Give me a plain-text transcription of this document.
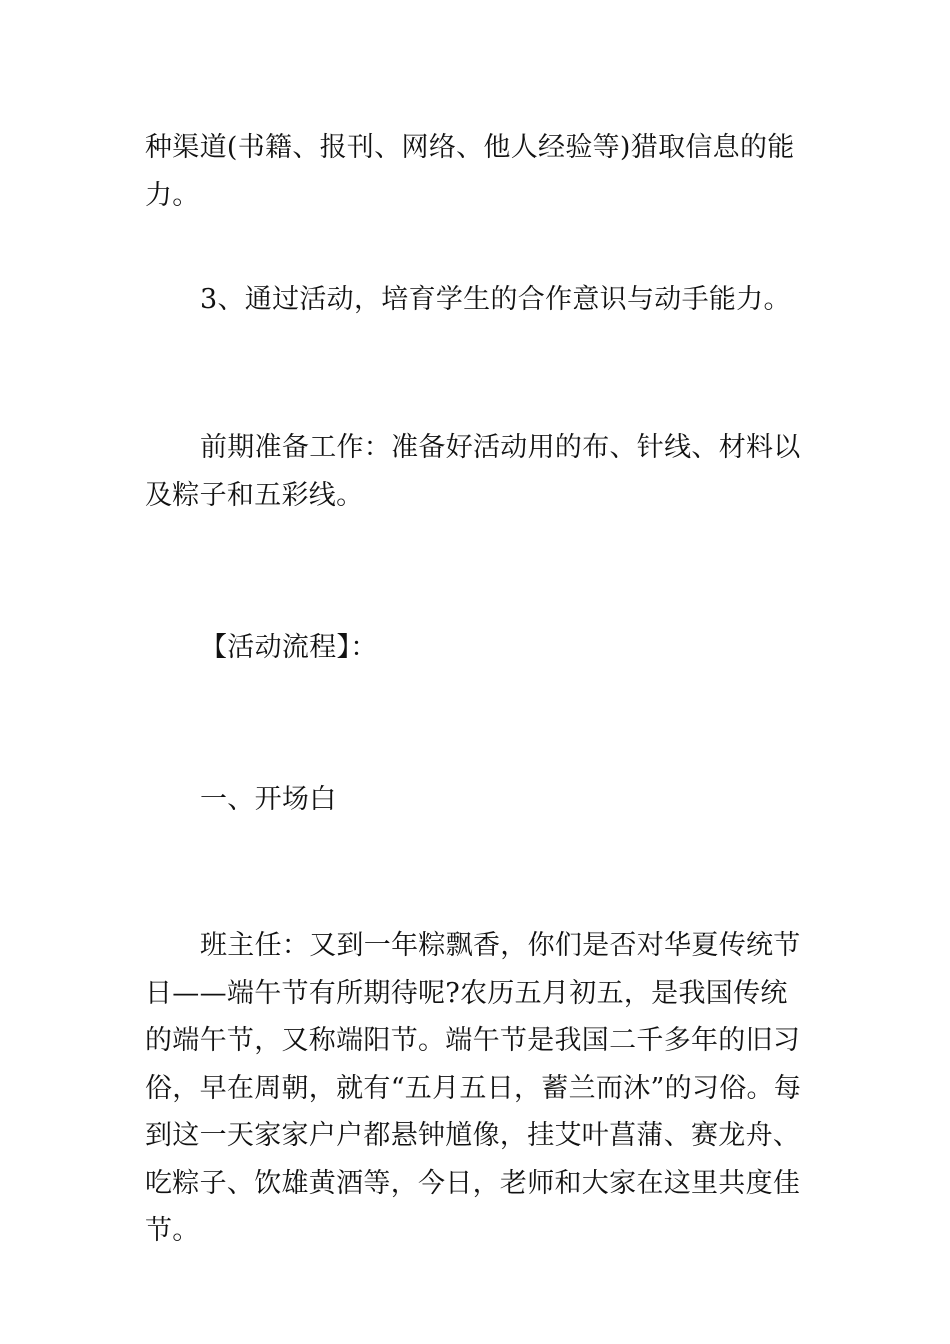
种渠道(书籍、报刊、网络、他人经验等)猎取信息的能力。

3、通过活动，培育学生的合作意识与动手能力。

前期准备工作：准备好活动用的布、针线、材料以及粽子和五彩线。

【活动流程】：

一、开场白

班主任：又到一年粽飘香，你们是否对华夏传统节日——端午节有所期待呢?农历五月初五，是我国传统的端午节，又称端阳节。端午节是我国二千多年的旧习俗，早在周朝，就有“五月五日，蓄兰而沐”的习俗。每到这一天家家户户都悬钟馗像，挂艾叶菖蒲、赛龙舟、吃粽子、饮雄黄酒等，今日，老师和大家在这里共度佳节。
